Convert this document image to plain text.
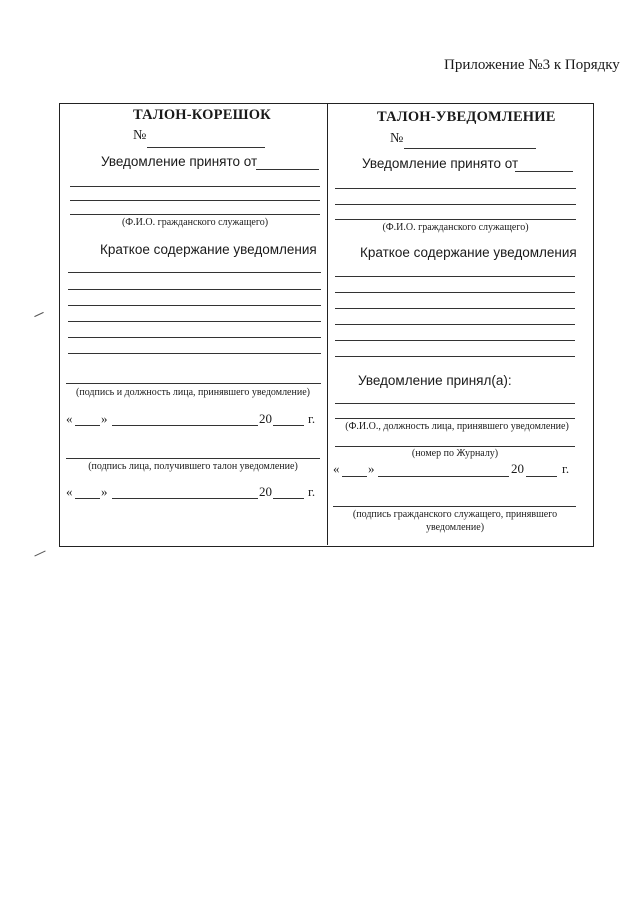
Приложение №3 к Порядку
ТАЛОН-КОРЕШОК
№
Уведомление принято от
(Ф.И.О. гражданского служащего)
Краткое содержание уведомления
(подпись и должность лица, принявшего уведомление)
« »	20	г.
(подпись лица, получившего талон уведомление)
« »	20	г.
ТАЛОН-УВЕДОМЛЕНИЕ
№
Уведомление принято от
(Ф.И.О. гражданского служащего)
Краткое содержание уведомления
Уведомление принял(а):
(Ф.И.О., должность лица, принявшего уведомление)
(номер по Журналу)
« »	20	г.
(подпись гражданского служащего, принявшего
уведомление)
